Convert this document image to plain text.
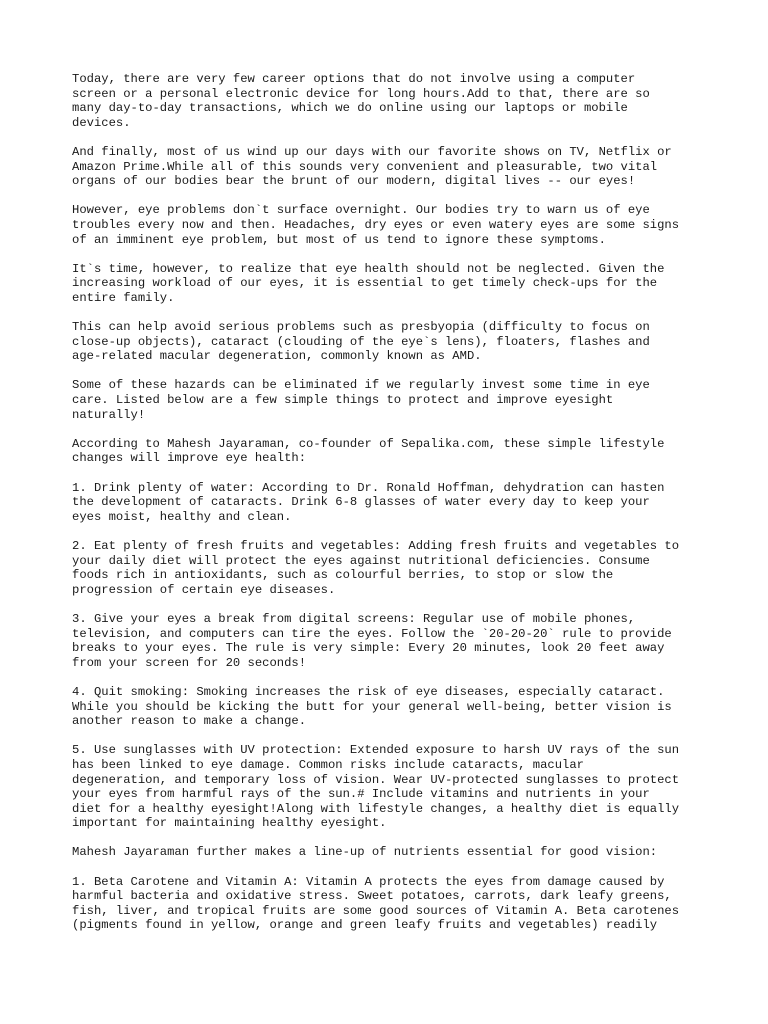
Today, there are very few career options that do not involve using a computer
screen or a personal electronic device for long hours.Add to that, there are so
many day-to-day transactions, which we do online using our laptops or mobile
devices.

And finally, most of us wind up our days with our favorite shows on TV, Netflix or
Amazon Prime.While all of this sounds very convenient and pleasurable, two vital
organs of our bodies bear the brunt of our modern, digital lives -- our eyes!

However, eye problems don`t surface overnight. Our bodies try to warn us of eye
troubles every now and then. Headaches, dry eyes or even watery eyes are some signs
of an imminent eye problem, but most of us tend to ignore these symptoms.

It`s time, however, to realize that eye health should not be neglected. Given the
increasing workload of our eyes, it is essential to get timely check-ups for the
entire family.

This can help avoid serious problems such as presbyopia (difficulty to focus on
close-up objects), cataract (clouding of the eye`s lens), floaters, flashes and
age-related macular degeneration, commonly known as AMD.

Some of these hazards can be eliminated if we regularly invest some time in eye
care. Listed below are a few simple things to protect and improve eyesight
naturally!

According to Mahesh Jayaraman, co-founder of Sepalika.com, these simple lifestyle
changes will improve eye health:

1. Drink plenty of water: According to Dr. Ronald Hoffman, dehydration can hasten
the development of cataracts. Drink 6-8 glasses of water every day to keep your
eyes moist, healthy and clean.

2. Eat plenty of fresh fruits and vegetables: Adding fresh fruits and vegetables to
your daily diet will protect the eyes against nutritional deficiencies. Consume
foods rich in antioxidants, such as colourful berries, to stop or slow the
progression of certain eye diseases.

3. Give your eyes a break from digital screens: Regular use of mobile phones,
television, and computers can tire the eyes. Follow the `20-20-20` rule to provide
breaks to your eyes. The rule is very simple: Every 20 minutes, look 20 feet away
from your screen for 20 seconds!

4. Quit smoking: Smoking increases the risk of eye diseases, especially cataract.
While you should be kicking the butt for your general well-being, better vision is
another reason to make a change.

5. Use sunglasses with UV protection: Extended exposure to harsh UV rays of the sun
has been linked to eye damage. Common risks include cataracts, macular
degeneration, and temporary loss of vision. Wear UV-protected sunglasses to protect
your eyes from harmful rays of the sun.# Include vitamins and nutrients in your
diet for a healthy eyesight!Along with lifestyle changes, a healthy diet is equally
important for maintaining healthy eyesight.

Mahesh Jayaraman further makes a line-up of nutrients essential for good vision:

1. Beta Carotene and Vitamin A: Vitamin A protects the eyes from damage caused by
harmful bacteria and oxidative stress. Sweet potatoes, carrots, dark leafy greens,
fish, liver, and tropical fruits are some good sources of Vitamin A. Beta carotenes
(pigments found in yellow, orange and green leafy fruits and vegetables) readily
